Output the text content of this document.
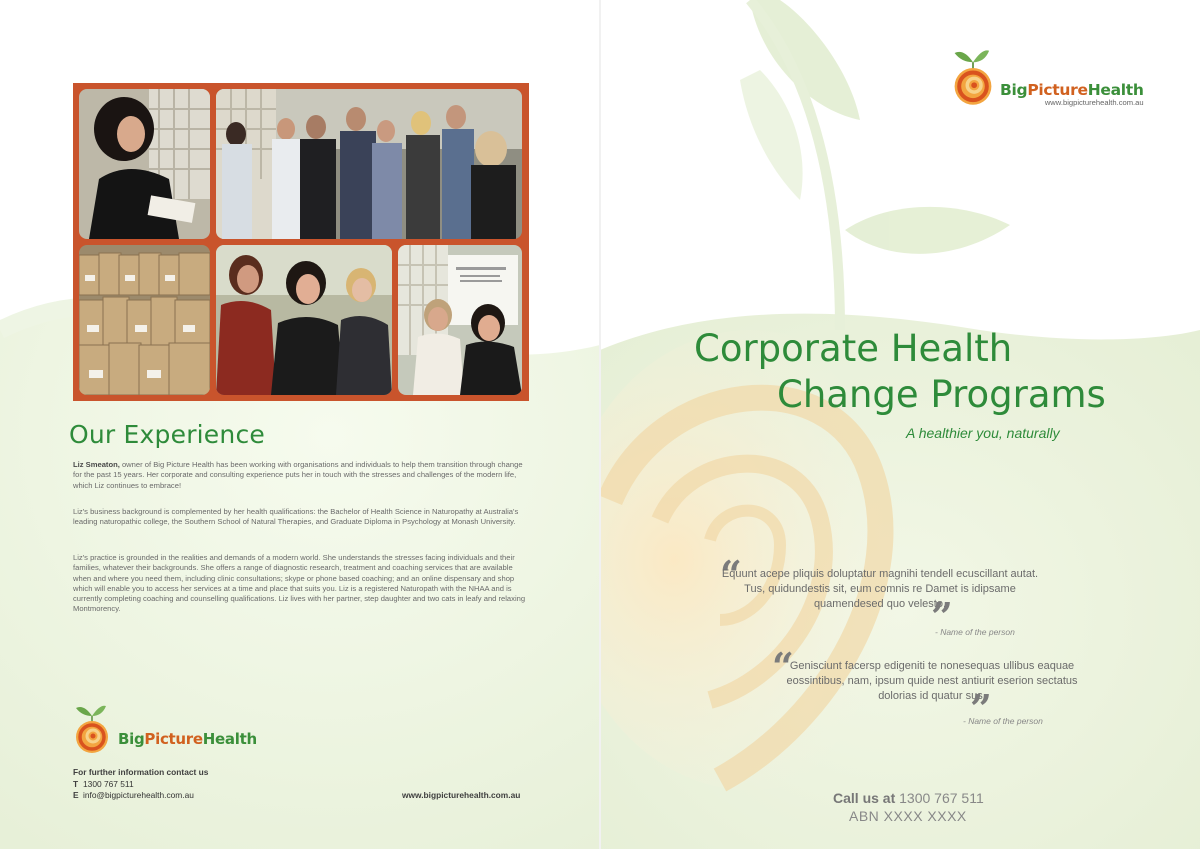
Our Experience

Liz Smeaton, owner of Big Picture Health has been working with organisations and individuals to help them transition through change for the past 15 years. Her corporate and consulting experience puts her in touch with the stresses and challenges of the modern life, which Liz continues to embrace!

Liz's business background is complemented by her health qualifications: the Bachelor of Health Science in Naturopathy at Australia's leading naturopathic college, the Southern School of Natural Therapies, and Graduate Diploma in Psychology at Monash University.

Liz's practice is grounded in the realities and demands of a modern world. She understands the stresses facing individuals and their families, whatever their backgrounds. She offers a range of diagnostic research, treatment and coaching services that are available when and where you need them, including clinic consultations; skype or phone based coaching; and an online dispensary and shop which will enable you to access her services at a time and place that suits you. Liz is a registered Naturopath with the NHAA and is currently completing coaching and counselling qualifications. Liz lives with her partner, step daughter and two cats in leafy and relaxing Montmorency.

BigPictureHealth
For further information contact us
T 1300 767 511
E info@bigpicturehealth.com.au	www.bigpicturehealth.com.au
BigPictureHealth
www.bigpicturehealth.com.au
Corporate Health
Change Programs
A healthier you, naturally
“

Equunt acepe pliquis doluptatur magnihi tendell ecuscillant autat. Tus, quidundestis sit, eum comnis re Damet is idipsame quamendesed quo velesto.

”
- Name of the person
“

Genisciunt facersp edigeniti te nonesequas ullibus eaquae eossintibus, nam, ipsum quide nest antiurit eserion sectatus dolorias id quatur sus.

”
- Name of the person
Call us at 1300 767 511
ABN XXXX XXXX
